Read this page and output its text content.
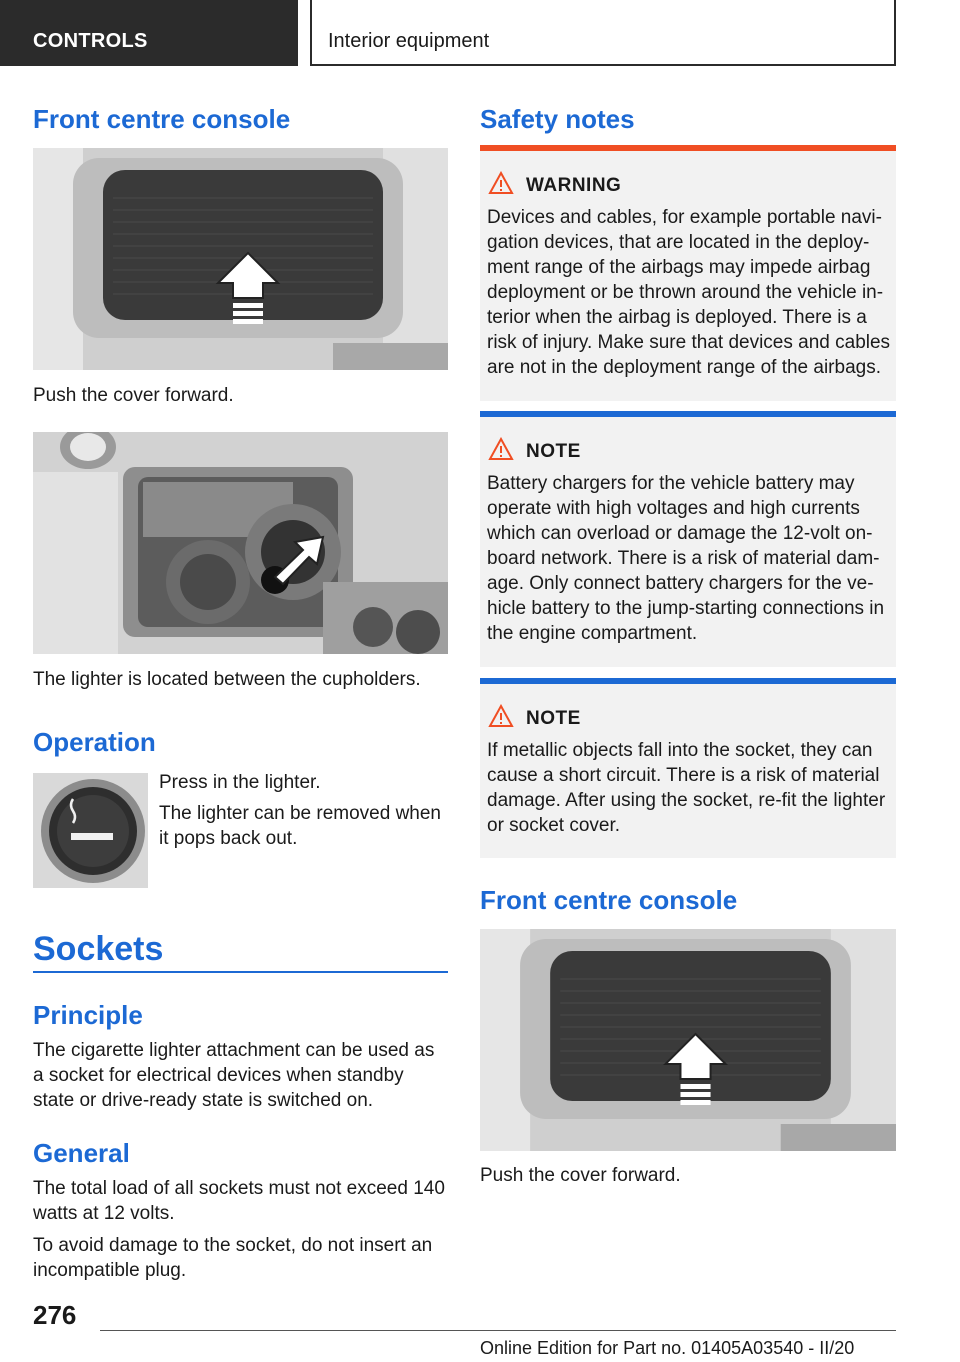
CONTROLS	Interior equipment
Front centre console
Push the cover forward.
The lighter is located between the cupholders.
Operation
Press in the lighter.
The lighter can be removed when it pops back out.
Sockets
Principle
The cigarette lighter attachment can be used as a socket for electrical devices when standby state or drive-ready state is switched on.
General
The total load of all sockets must not exceed 140 watts at 12 volts.
To avoid damage to the socket, do not insert an incompatible plug.
Safety notes
WARNING
Devices and cables, for example portable navi-gation devices, that are located in the deploy-ment range of the airbags may impede airbag deployment or be thrown around the vehicle in-terior when the airbag is deployed. There is a risk of injury. Make sure that devices and cables are not in the deployment range of the airbags.
NOTE
Battery chargers for the vehicle battery may operate with high voltages and high currents which can overload or damage the 12-volt on-board network. There is a risk of material dam-age. Only connect battery chargers for the ve-hicle battery to the jump-starting connections in the engine compartment.
NOTE
If metallic objects fall into the socket, they can cause a short circuit. There is a risk of material damage. After using the socket, re-fit the lighter or socket cover.
Front centre console
Push the cover forward.
276
Online Edition for Part no. 01405A03540 - II/20
